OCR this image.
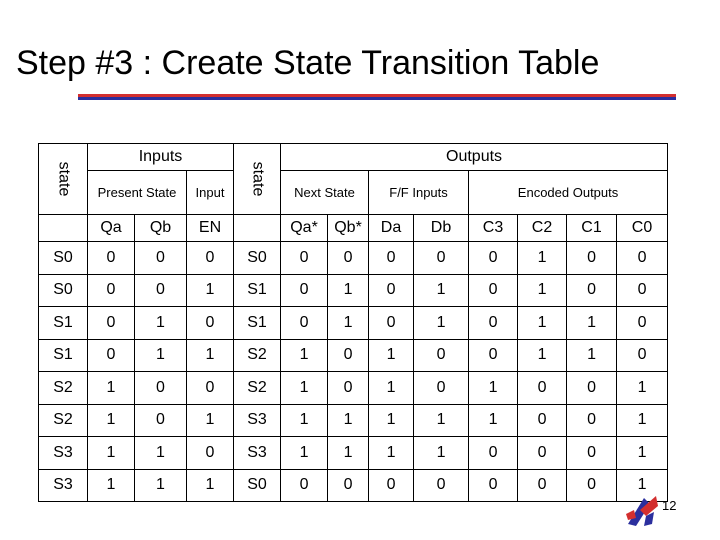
Step #3 : Create State Transition Table
state	Inputs			state	Outputs							
	Present State		Input		Next State		F/F Inputs		Encoded Outputs			
	Qa	Qb	EN		Qa*	Qb*	Da	Db	C3	C2	C1	C0
S0	0	0	0	S0	0	0	0	0	0	1	0	0
S0	0	0	1	S1	0	1	0	1	0	1	0	0
S1	0	1	0	S1	0	1	0	1	0	1	1	0
S1	0	1	1	S2	1	0	1	0	0	1	1	0
S2	1	0	0	S2	1	0	1	0	1	0	0	1
S2	1	0	1	S3	1	1	1	1	1	0	0	1
S3	1	1	0	S3	1	1	1	1	0	0	0	1
S3	1	1	1	S0	0	0	0	0	0	0	0	1
12
